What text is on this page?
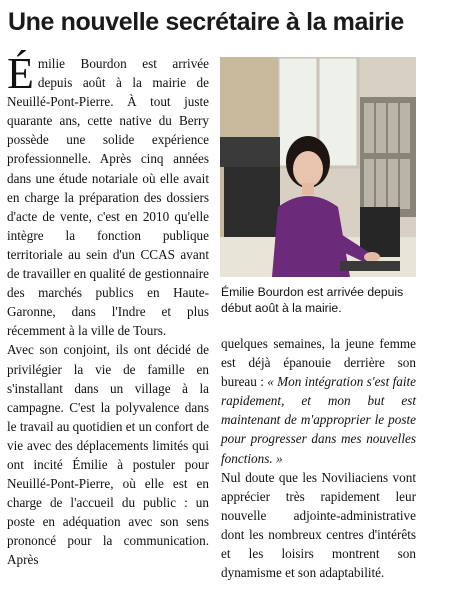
Une nouvelle secrétaire à la mairie

É milie Bourdon est arrivée depuis août à la mairie de Neuillé-Pont-Pierre. À tout juste quarante ans, cette native du Berry possède une solide expérience professionnelle. Après cinq années dans une étude notariale où elle avait en charge la préparation des dossiers d'acte de vente, c'est en 2010 qu'elle intègre la fonction publique territoriale au sein d'un CCAS avant de travailler en qualité de gestionnaire des marchés publics en Haute-Garonne, dans l'Indre et plus récemment à la ville de Tours.

Avec son conjoint, ils ont décidé de privilégier la vie de famille en s'installant dans un village à la campagne. C'est la polyvalence dans le travail au quotidien et un confort de vie avec des déplacements limités qui ont incité Émilie à postuler pour Neuillé-Pont-Pierre, où elle est en charge de l'accueil du public : un poste en adéquation avec son sens prononcé pour la communication. Après

Émilie Bourdon est arrivée depuis début août à la mairie.

quelques semaines, la jeune femme est déjà épanouie derrière son bureau : « Mon intégration s'est faite rapidement, et mon but est maintenant de m'approprier le poste pour progresser dans mes nouvelles fonctions. »

Nul doute que les Noviliaciens vont apprécier très rapidement leur nouvelle adjointe-administrative dont les nombreux centres d'intérêts et les loisirs montrent son dynamisme et son adaptabilité.
